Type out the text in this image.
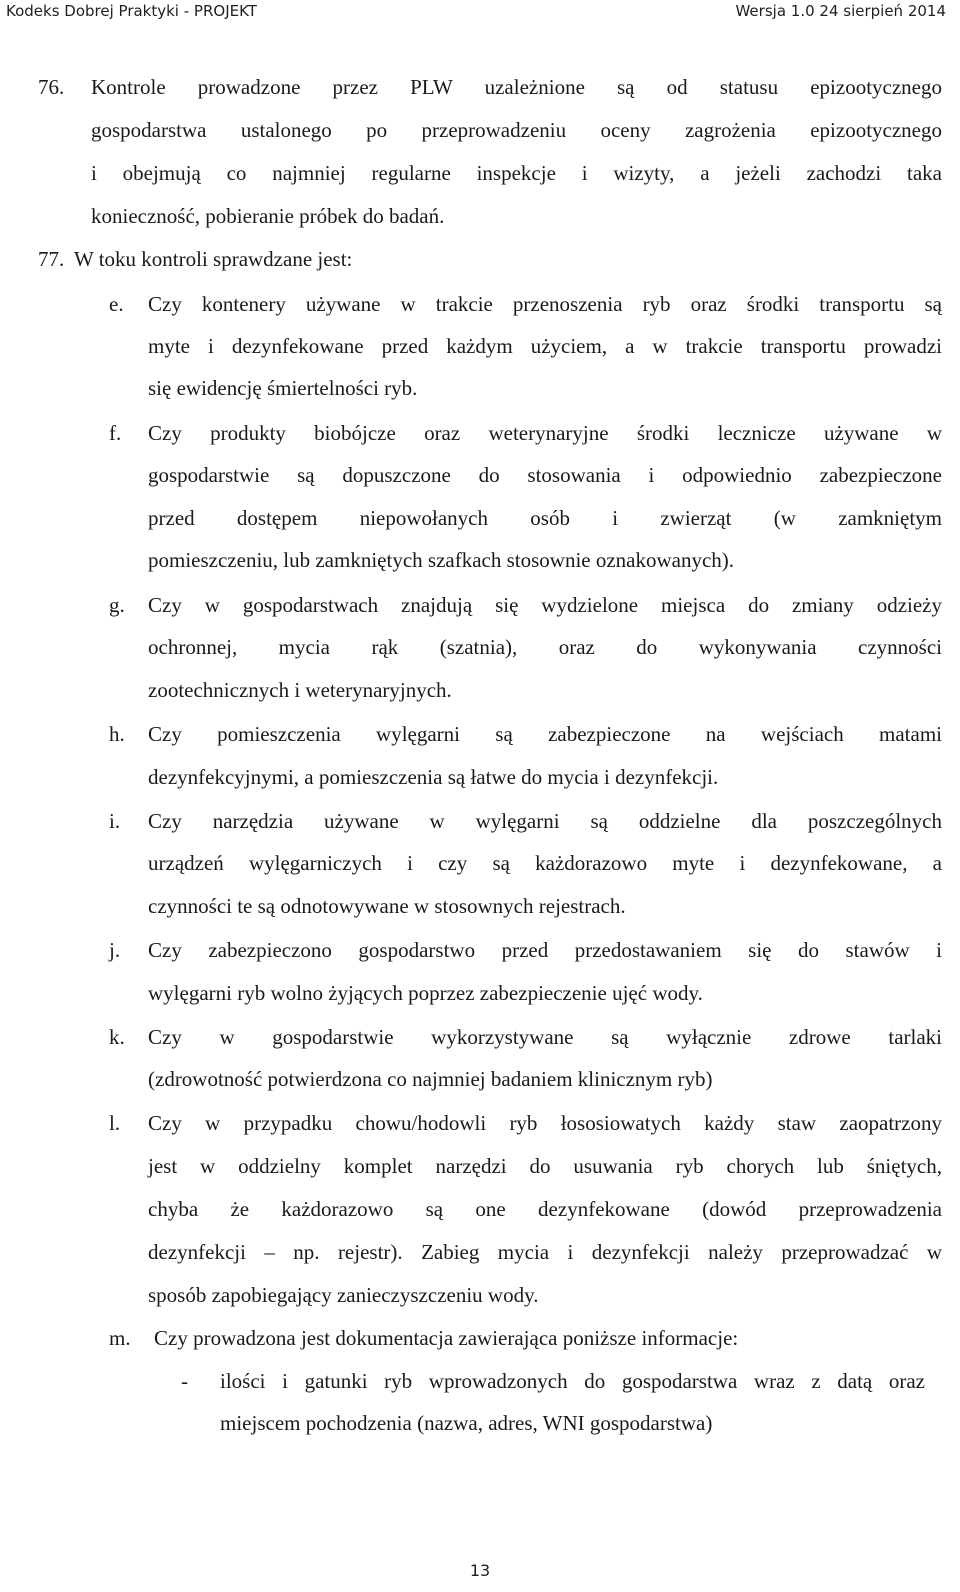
Kodeks Dobrej Praktyki - PROJEKT	Wersja 1.0 24 sierpień 2014
76. Kontrole prowadzone przez PLW uzależnione są od statusu epizootycznego
gospodarstwa ustalonego po przeprowadzeniu oceny zagrożenia epizootycznego
i obejmują co najmniej regularne inspekcje i wizyty, a jeżeli zachodzi taka
konieczność, pobieranie próbek do badań.
77. W toku kontroli sprawdzane jest:
e. Czy kontenery używane w trakcie przenoszenia ryb oraz środki transportu są
myte i dezynfekowane przed każdym użyciem, a w trakcie transportu prowadzi
się ewidencję śmiertelności ryb.
f. Czy produkty biobójcze oraz weterynaryjne środki lecznicze używane w
gospodarstwie są dopuszczone do stosowania i odpowiednio zabezpieczone
przed dostępem niepowołanych osób i zwierząt (w zamkniętym
pomieszczeniu, lub zamkniętych szafkach stosownie oznakowanych).
g. Czy w gospodarstwach znajdują się wydzielone miejsca do zmiany odzieży
ochronnej, mycia rąk (szatnia), oraz do wykonywania czynności
zootechnicznych i weterynaryjnych.
h. Czy pomieszczenia wylęgarni są zabezpieczone na wejściach matami
dezynfekcyjnymi, a pomieszczenia są łatwe do mycia i dezynfekcji.
i. Czy narzędzia używane w wylęgarni są oddzielne dla poszczególnych
urządzeń wylęgarniczych i czy są każdorazowo myte i dezynfekowane, a
czynności te są odnotowywane w stosownych rejestrach.
j. Czy zabezpieczono gospodarstwo przed przedostawaniem się do stawów i
wylęgarni ryb wolno żyjących poprzez zabezpieczenie ujęć wody.
k. Czy w gospodarstwie wykorzystywane są wyłącznie zdrowe tarlaki
(zdrowotność potwierdzona co najmniej badaniem klinicznym ryb)
l. Czy w przypadku chowu/hodowli ryb łososiowatych każdy staw zaopatrzony
jest w oddzielny komplet narzędzi do usuwania ryb chorych lub śniętych,
chyba że każdorazowo są one dezynfekowane (dowód przeprowadzenia
dezynfekcji – np. rejestr). Zabieg mycia i dezynfekcji należy przeprowadzać w
sposób zapobiegający zanieczyszczeniu wody.
m. Czy prowadzona jest dokumentacja zawierająca poniższe informacje:
- ilości i gatunki ryb wprowadzonych do gospodarstwa wraz z datą oraz
miejscem pochodzenia (nazwa, adres, WNI gospodarstwa)
13
